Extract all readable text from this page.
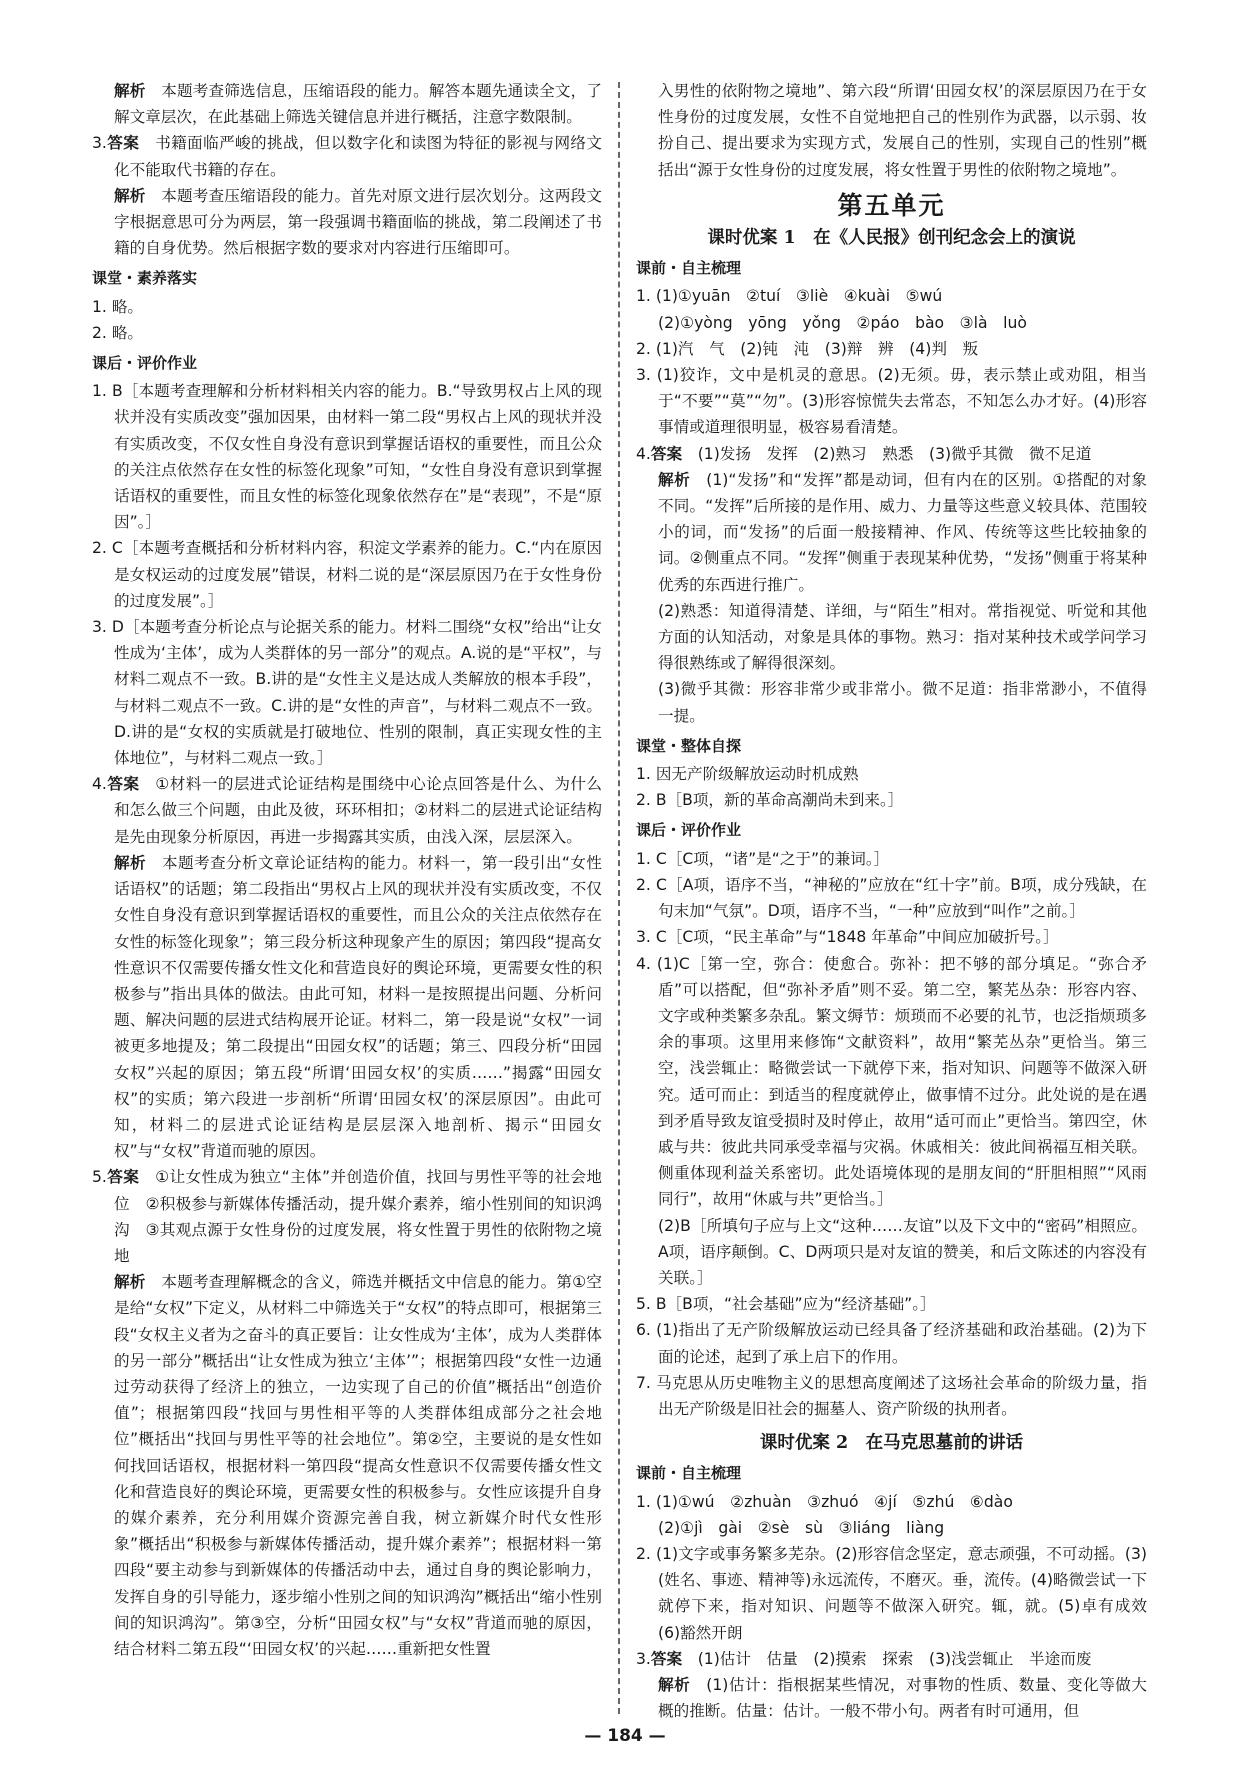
解析　本题考查筛选信息，压缩语段的能力。解答本题先通读全文，了解文章层次，在此基础上筛选关键信息并进行概括，注意字数限制。
3.答案　书籍面临严峻的挑战，但以数字化和读图为特征的影视与网络文化不能取代书籍的存在。
解析　本题考查压缩语段的能力。首先对原文进行层次划分。这两段文字根据意思可分为两层，第一段强调书籍面临的挑战，第二段阐述了书籍的自身优势。然后根据字数的要求对内容进行压缩即可。
课堂・素养落实
1. 略。
2. 略。
课后・评价作业
1. B［本题考查理解和分析材料相关内容的能力。B.“导致男权占上风的现状并没有实质改变”强加因果，由材料一第二段“男权占上风的现状并没有实质改变，不仅女性自身没有意识到掌握话语权的重要性，而且公众的关注点依然存在女性的标签化现象”可知，“女性自身没有意识到掌握话语权的重要性，而且女性的标签化现象依然存在”是“表现”，不是“原因”。］
2. C［本题考查概括和分析材料内容，积淀文学素养的能力。C.“内在原因是女权运动的过度发展”错误，材料二说的是“深层原因乃在于女性身份的过度发展”。］
3. D［本题考查分析论点与论据关系的能力。材料二围绕“女权”给出“让女性成为‘主体’，成为人类群体的另一部分”的观点。A.说的是“平权”，与材料二观点不一致。B.讲的是“女性主义是达成人类解放的根本手段”，与材料二观点不一致。C.讲的是“女性的声音”，与材料二观点不一致。D.讲的是“女权的实质就是打破地位、性别的限制，真正实现女性的主体地位”，与材料二观点一致。］
4.答案　①材料一的层进式论证结构是围绕中心论点回答是什么、为什么和怎么做三个问题，由此及彼，环环相扣；②材料二的层进式论证结构是先由现象分析原因，再进一步揭露其实质，由浅入深，层层深入。
解析　本题考查分析文章论证结构的能力。材料一，第一段引出“女性话语权”的话题；第二段指出“男权占上风的现状并没有实质改变，不仅女性自身没有意识到掌握话语权的重要性，而且公众的关注点依然存在女性的标签化现象”；第三段分析这种现象产生的原因；第四段“提高女性意识不仅需要传播女性文化和营造良好的舆论环境，更需要女性的积极参与”指出具体的做法。由此可知，材料一是按照提出问题、分析问题、解决问题的层进式结构展开论证。材料二，第一段是说“女权”一词被更多地提及；第二段提出“田园女权”的话题；第三、四段分析“田园女权”兴起的原因；第五段“所谓‘田园女权’的实质……”揭露“田园女权”的实质；第六段进一步剖析“所谓‘田园女权’的深层原因”。由此可知，材料二的层进式论证结构是层层深入地剖析、揭示“田园女权”与“女权”背道而驰的原因。
5.答案　①让女性成为独立“主体”并创造价值，找回与男性平等的社会地位　②积极参与新媒体传播活动，提升媒介素养，缩小性别间的知识鸿沟　③其观点源于女性身份的过度发展，将女性置于男性的依附物之境地
解析　本题考查理解概念的含义，筛选并概括文中信息的能力。第①空是给“女权”下定义，从材料二中筛选关于“女权”的特点即可，根据第三段“女权主义者为之奋斗的真正要旨：让女性成为‘主体’，成为人类群体的另一部分”概括出“让女性成为独立‘主体’”；根据第四段“女性一边通过劳动获得了经济上的独立，一边实现了自己的价值”概括出“创造价值”；根据第四段“找回与男性相平等的人类群体组成部分之社会地位”概括出“找回与男性平等的社会地位”。第②空，主要说的是女性如何找回话语权，根据材料一第四段“提高女性意识不仅需要传播女性文化和营造良好的舆论环境，更需要女性的积极参与。女性应该提升自身的媒介素养，充分利用媒介资源完善自我，树立新媒介时代女性形象”概括出“积极参与新媒体传播活动，提升媒介素养”；根据材料一第四段“要主动参与到新媒体的传播活动中去，通过自身的舆论影响力，发挥自身的引导能力，逐步缩小性别之间的知识鸿沟”概括出“缩小性别间的知识鸿沟”。第③空，分析“田园女权”与“女权”背道而驰的原因，结合材料二第五段“‘田园女权’的兴起……重新把女性置
入男性的依附物之境地”、第六段“所谓‘田园女权’的深层原因乃在于女性身份的过度发展，女性不自觉地把自己的性别作为武器，以示弱、妆扮自己、提出要求为实现方式，发展自己的性别，实现自己的性别”概括出“源于女性身份的过度发展，将女性置于男性的依附物之境地”。
第五单元
课时优案 1　在《人民报》创刊纪念会上的演说
课前・自主梳理
1. (1)①yuān　②tuí　③liè　④kuài　⑤wú
(2)①yòng　yōng　yǒng　②páo　bào　③là　luò
2. (1)汽　气　(2)钝　沌　(3)辩　辨　(4)判　叛
3. (1)狡诈，文中是机灵的意思。(2)无须。毋，表示禁止或劝阻，相当于“不要”“莫”“勿”。(3)形容惊慌失去常态，不知怎么办才好。(4)形容事情或道理很明显，极容易看清楚。
4.答案　(1)发扬　发挥　(2)熟习　熟悉　(3)微乎其微　微不足道
解析　(1)“发扬”和“发挥”都是动词，但有内在的区别。①搭配的对象不同。“发挥”后所接的是作用、威力、力量等这些意义较具体、范围较小的词，而“发扬”的后面一般接精神、作风、传统等这些比较抽象的词。②侧重点不同。“发挥”侧重于表现某种优势，“发扬”侧重于将某种优秀的东西进行推广。
(2)熟悉：知道得清楚、详细，与“陌生”相对。常指视觉、听觉和其他方面的认知活动，对象是具体的事物。熟习：指对某种技术或学问学习得很熟练或了解得很深刻。
(3)微乎其微：形容非常少或非常小。微不足道：指非常渺小，不值得一提。
课堂・整体自探
1. 因无产阶级解放运动时机成熟
2. B［B项，新的革命高潮尚未到来。］
课后・评价作业
1. C［C项，“诸”是“之于”的兼词。］
2. C［A项，语序不当，“神秘的”应放在“红十字”前。B项，成分残缺，在句末加“气氛”。D项，语序不当，“一种”应放到“叫作”之前。］
3. C［C项，“民主革命”与“1848 年革命”中间应加破折号。］
4. (1)C［第一空，弥合：使愈合。弥补：把不够的部分填足。“弥合矛盾”可以搭配，但“弥补矛盾”则不妥。第二空，繁芜丛杂：形容内容、文字或种类繁多杂乱。繁文缛节：烦琐而不必要的礼节，也泛指烦琐多余的事项。这里用来修饰“文献资料”，故用“繁芜丛杂”更恰当。第三空，浅尝辄止：略微尝试一下就停下来，指对知识、问题等不做深入研究。适可而止：到适当的程度就停止，做事情不过分。此处说的是在遇到矛盾导致友谊受损时及时停止，故用“适可而止”更恰当。第四空，休戚与共：彼此共同承受幸福与灾祸。休戚相关：彼此间祸福互相关联。侧重体现利益关系密切。此处语境体现的是朋友间的“肝胆相照”“风雨同行”，故用“休戚与共”更恰当。］
(2)B［所填句子应与上文“这种……友谊”以及下文中的“密码”相照应。A项，语序颠倒。C、D两项只是对友谊的赞美，和后文陈述的内容没有关联。］
5. B［B项，“社会基础”应为“经济基础”。］
6. (1)指出了无产阶级解放运动已经具备了经济基础和政治基础。(2)为下面的论述，起到了承上启下的作用。
7. 马克思从历史唯物主义的思想高度阐述了这场社会革命的阶级力量，指出无产阶级是旧社会的掘墓人、资产阶级的执刑者。
课时优案 2　在马克思墓前的讲话
课前・自主梳理
1. (1)①wú　②zhuàn　③zhuó　④jí　⑤zhú　⑥dào
(2)①jì　gài　②sè　sù　③liáng　liàng
2. (1)文字或事务繁多芜杂。(2)形容信念坚定，意志顽强，不可动摇。(3)(姓名、事迹、精神等)永远流传，不磨灭。垂，流传。(4)略微尝试一下就停下来，指对知识、问题等不做深入研究。辄，就。(5)卓有成效　(6)豁然开朗
3.答案　(1)估计　估量　(2)摸索　探索　(3)浅尝辄止　半途而废
解析　(1)估计：指根据某些情况，对事物的性质、数量、变化等做大概的推断。估量：估计。一般不带小句。两者有时可通用，但
— 184 —
